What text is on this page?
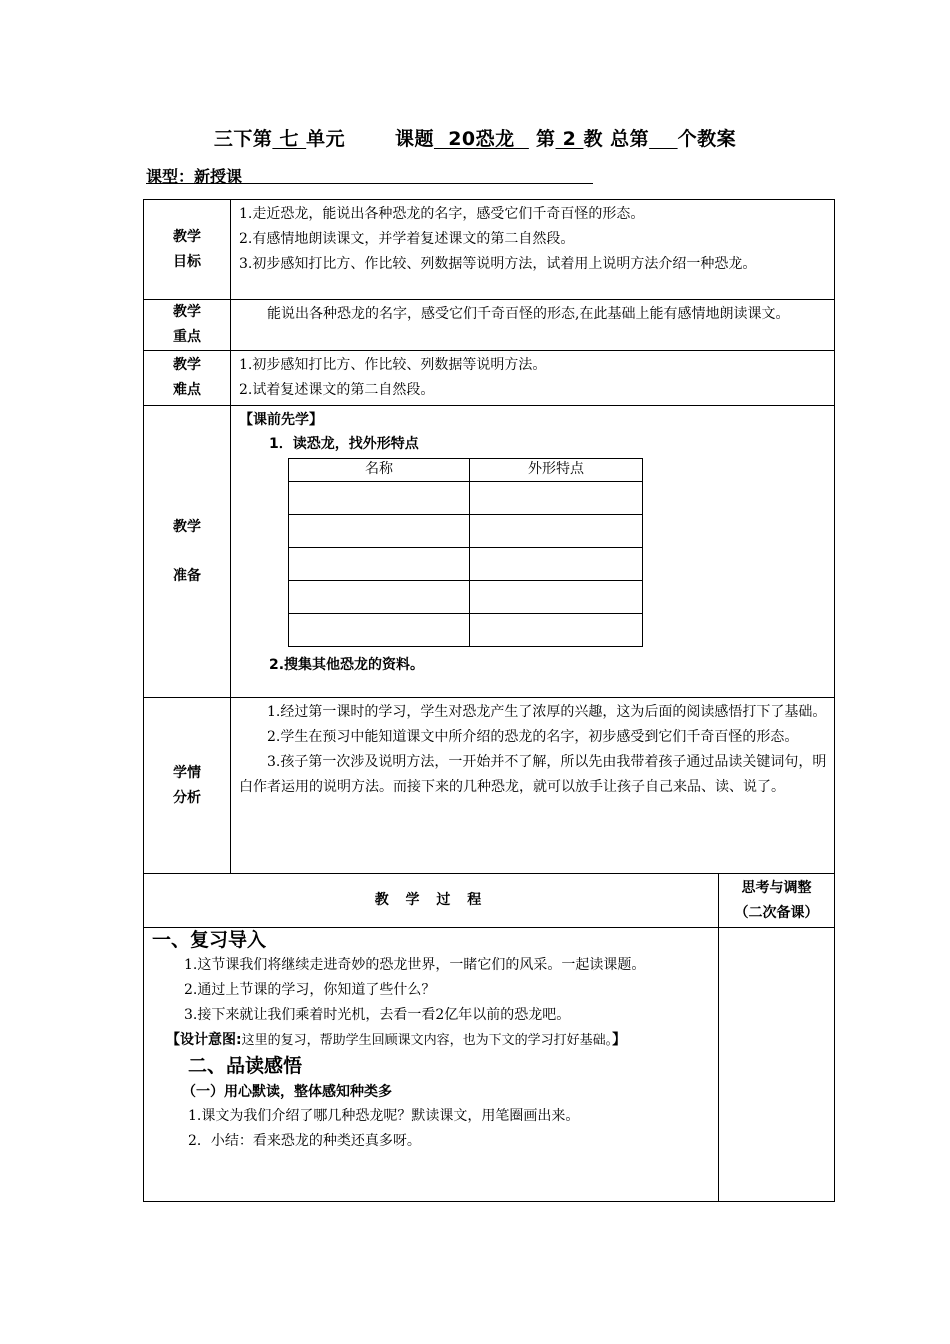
三下第 七 单元	课题  20恐龙   第 2 教 总第 个教案
课型：新授课
教学
目标

1.走近恐龙，能说出各种恐龙的名字，感受它们千奇百怪的形态。
2.有感情地朗读课文，并学着复述课文的第二自然段。
3.初步感知打比方、作比较、列数据等说明方法，试着用上说明方法介绍一种恐龙。

教学
重点

能说出各种恐龙的名字，感受它们千奇百怪的形态,在此基础上能有感情地朗读课文。

教学
难点

1.初步感知打比方、作比较、列数据等说明方法。
2.试着复述课文的第二自然段。

教学
准备

【课前先学】
1．读恐龙，找外形特点
名称	外形特点

2.搜集其他恐龙的资料。

学情
分析

1.经过第一课时的学习，学生对恐龙产生了浓厚的兴趣，这为后面的阅读感悟打下了基础。
2.学生在预习中能知道课文中所介绍的恐龙的名字，初步感受到它们千奇百怪的形态。
3.孩子第一次涉及说明方法，一开始并不了解，所以先由我带着孩子通过品读关键词句，明白作者运用的说明方法。而接下来的几种恐龙，就可以放手让孩子自己来品、读、说了。

教 学 过 程	
思考与调整
（二次备课）

一、复习导入
1.这节课我们将继续走进奇妙的恐龙世界，一睹它们的风采。一起读课题。
2.通过上节课的学习，你知道了些什么？
3.接下来就让我们乘着时光机，去看一看2亿年以前的恐龙吧。
【设计意图:这里的复习，帮助学生回顾课文内容，也为下文的学习打好基础。】
二、品读感悟
（一）用心默读，整体感知种类多
1.课文为我们介绍了哪几种恐龙呢？默读课文，用笔圈画出来。
2．小结：看来恐龙的种类还真多呀。
